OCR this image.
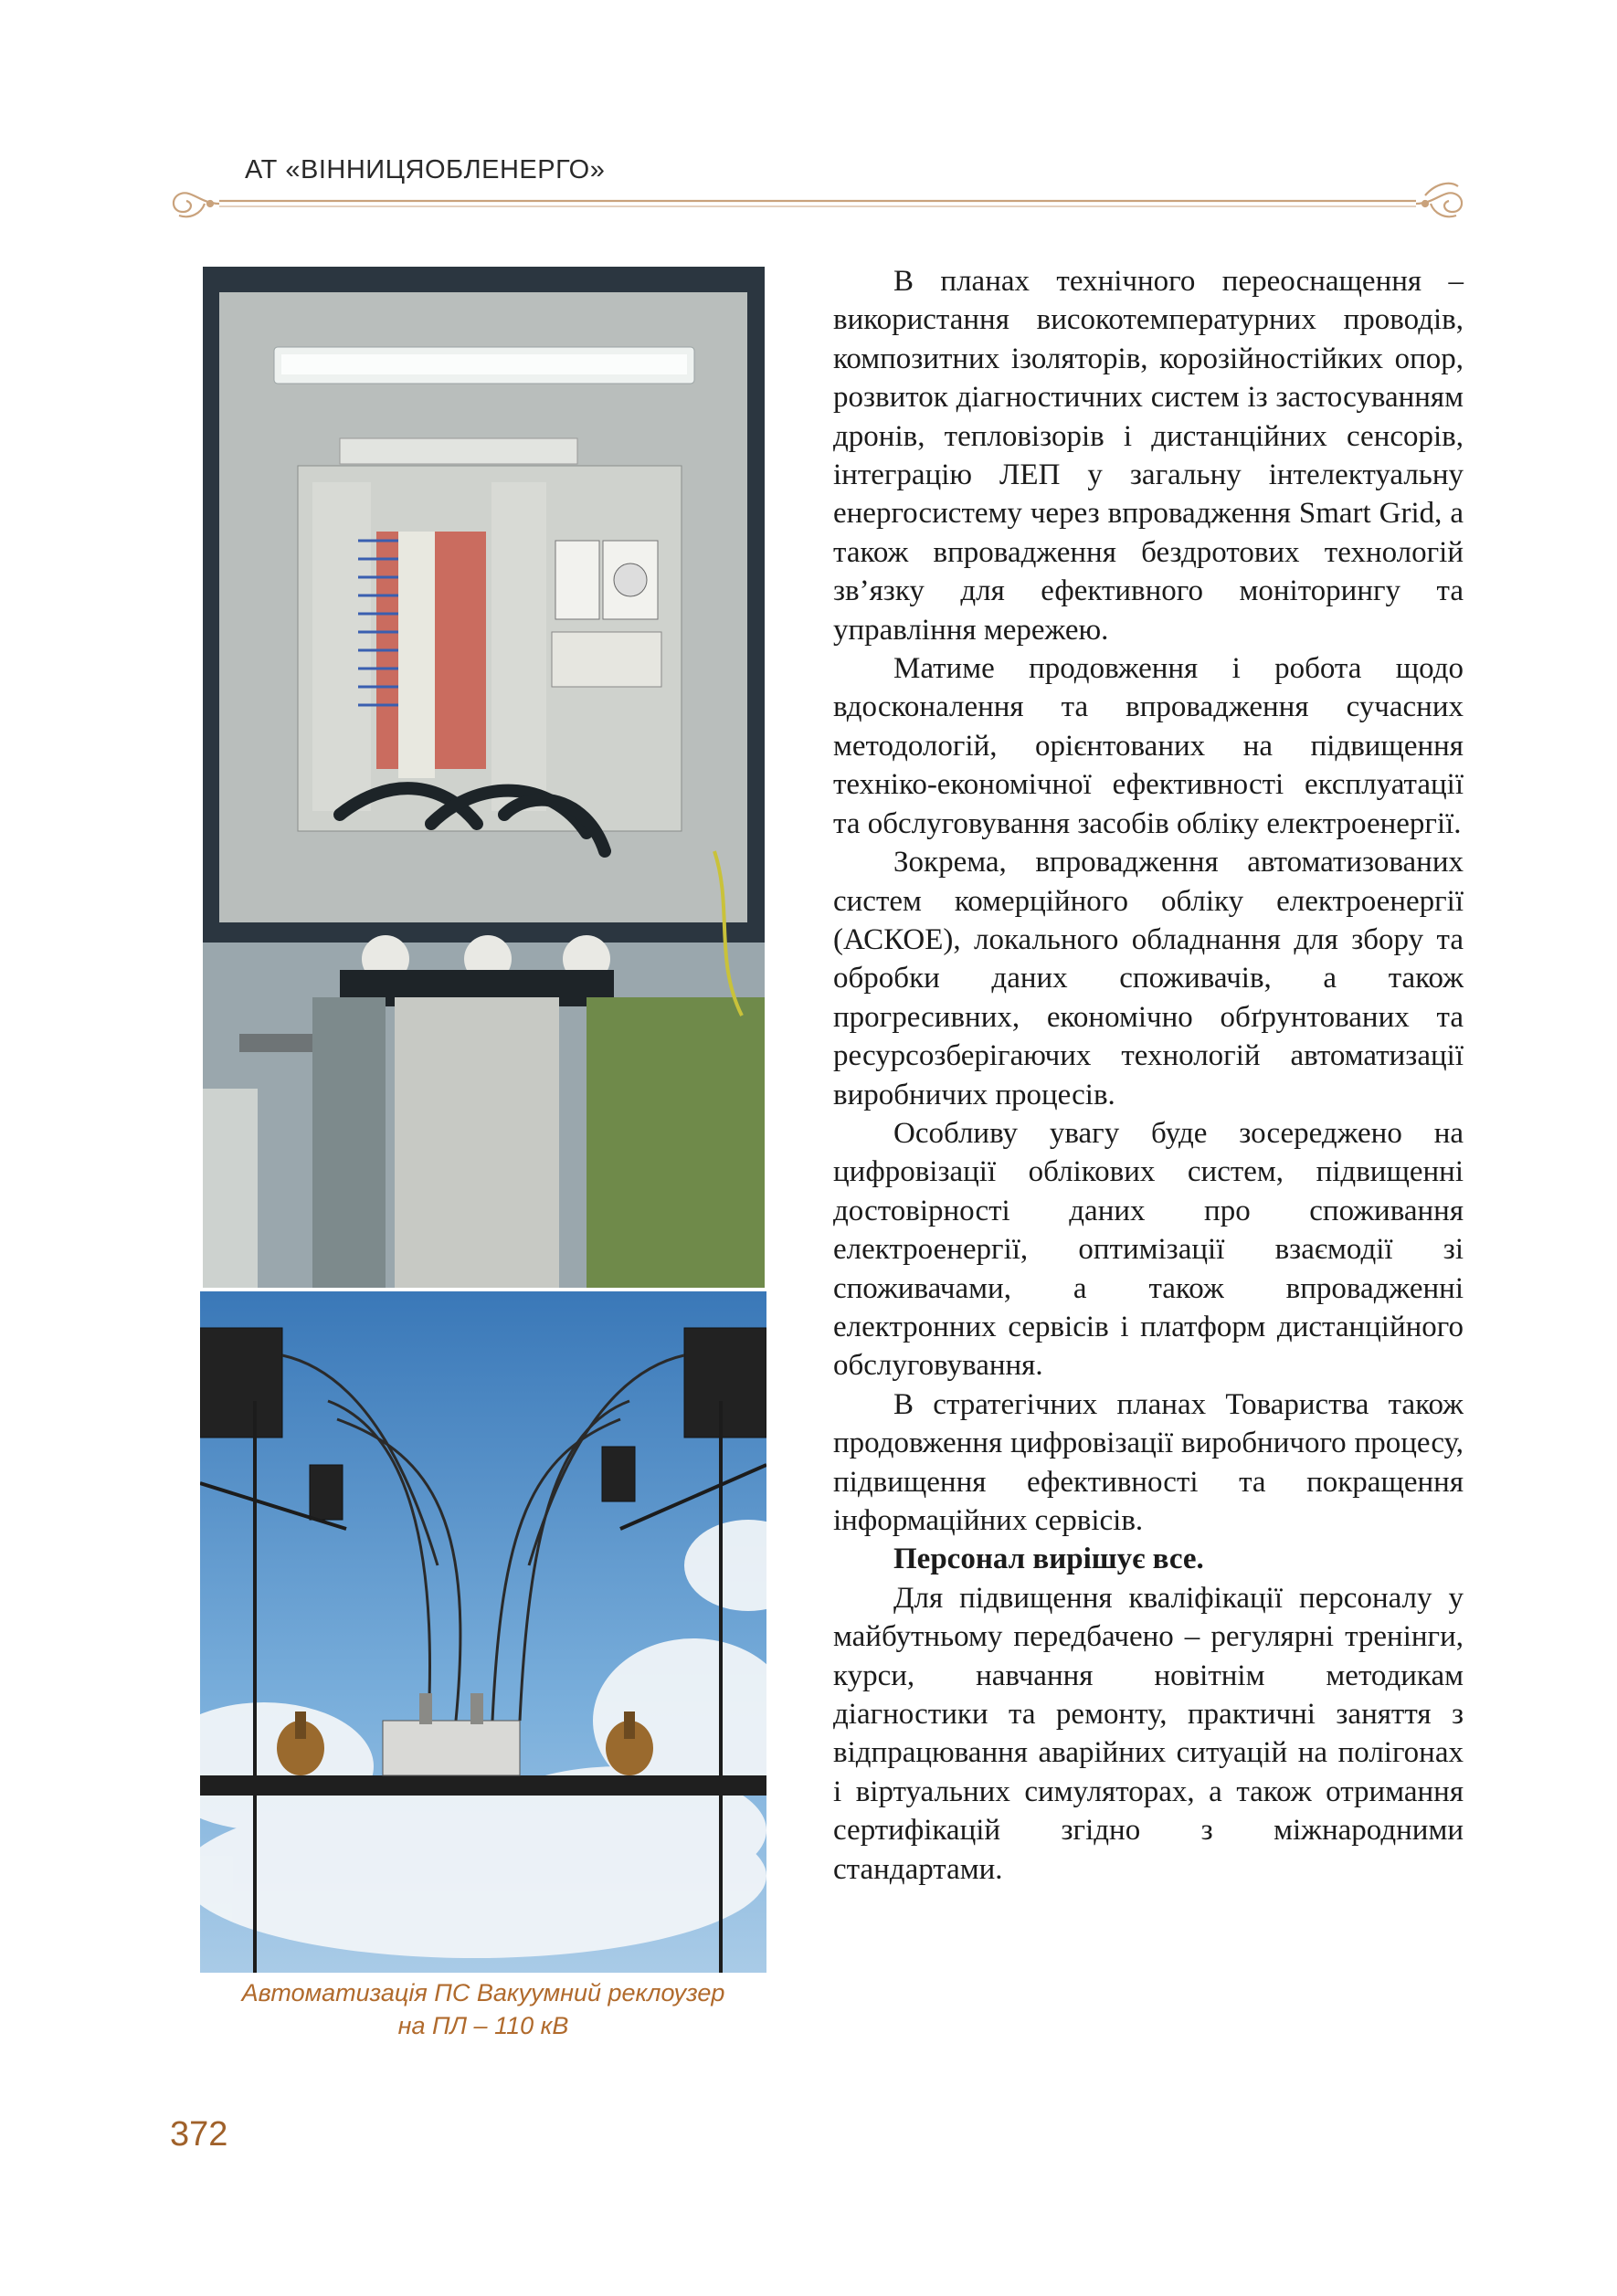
АТ «ВІННИЦЯОБЛЕНЕРГО»
Автоматизація ПС Вакуумний реклоузер
на ПЛ – 110 кВ

В планах технічного переоснащення – використання високотемпературних проводів, композитних ізоляторів, корозійностійких опор, розвиток діагностичних систем із застосуванням дронів, тепловізорів і дистанційних сенсорів, інтеграцію ЛЕП у загальну інтелектуальну енергосистему через впровадження Smart Grid, а також впровадження бездротових технологій зв’язку для ефективного моніторингу та управління мережею.

Матиме продовження і робота щодо вдосконалення та впровадження сучасних методологій, орієнтованих на підвищення техніко-економічної ефективності експлуатації та обслуговування засобів обліку електроенергії.

Зокрема, впровадження автоматизованих систем комерційного обліку електроенергії (АСКОЕ), локального обладнання для збору та обробки даних споживачів, а також прогресивних, економічно обґрунтованих та ресурсозберігаючих технологій автоматизації виробничих процесів.

Особливу увагу буде зосереджено на цифровізації облікових систем, підвищенні достовірності даних про споживання електроенергії, оптимізації взаємодії зі споживачами, а також впровадженні електронних сервісів і платформ дистанційного обслуговування.

В стратегічних планах Товариства також продовження цифровізації виробничого процесу, підвищення ефективності та покращення інформаційних сервісів.

Персонал вирішує все.

Для підвищення кваліфікації персоналу у майбутньому передбачено – регулярні тренінги, курси, навчання новітнім методикам діагностики та ремонту, практичні заняття з відпрацювання аварійних ситуацій на полігонах і віртуальних симуляторах, а також отримання сертифікацій згідно з міжнародними стандартами.

372
